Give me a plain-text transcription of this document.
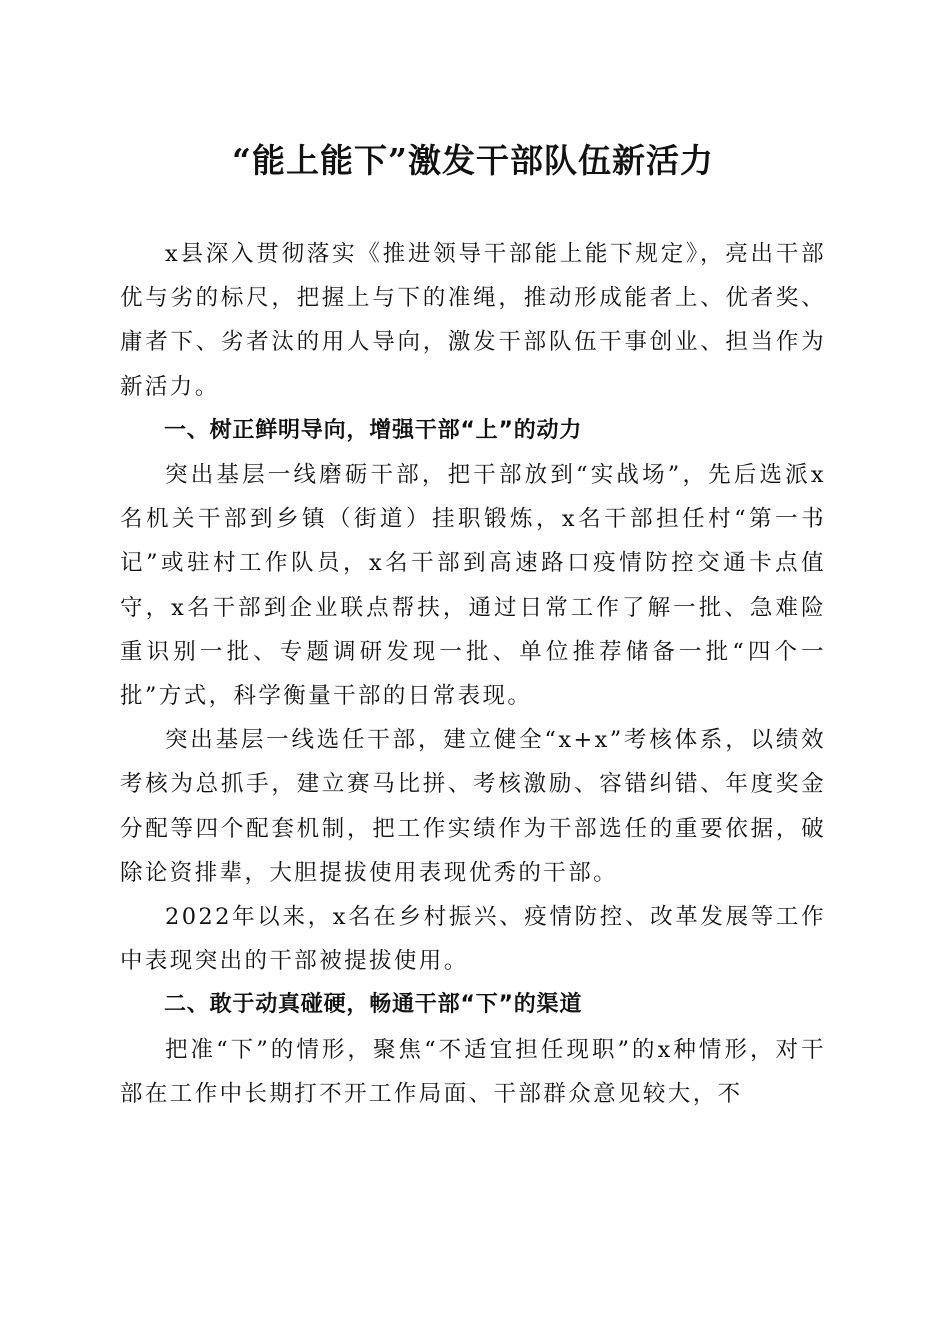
“能上能下”激发干部队伍新活力

x县深入贯彻落实《推进领导干部能上能下规定》，亮出干部优与劣的标尺，把握上与下的准绳，推动形成能者上、优者奖、庸者下、劣者汰的用人导向，激发干部队伍干事创业、担当作为新活力。

一、树正鲜明导向，增强干部“上”的动力

突出基层一线磨砺干部，把干部放到“实战场”，先后选派x名机关干部到乡镇（街道）挂职锻炼，x名干部担任村“第一书记”或驻村工作队员，x名干部到高速路口疫情防控交通卡点值守，x名干部到企业联点帮扶，通过日常工作了解一批、急难险重识别一批、专题调研发现一批、单位推荐储备一批“四个一批”方式，科学衡量干部的日常表现。

突出基层一线选任干部，建立健全“x+x”考核体系，以绩效考核为总抓手，建立赛马比拼、考核激励、容错纠错、年度奖金分配等四个配套机制，把工作实绩作为干部选任的重要依据，破除论资排辈，大胆提拔使用表现优秀的干部。

2022年以来，x名在乡村振兴、疫情防控、改革发展等工作中表现突出的干部被提拔使用。

二、敢于动真碰硬，畅通干部“下”的渠道

把准“下”的情形，聚焦“不适宜担任现职”的x种情形，对干部在工作中长期打不开工作局面、干部群众意见较大，不
